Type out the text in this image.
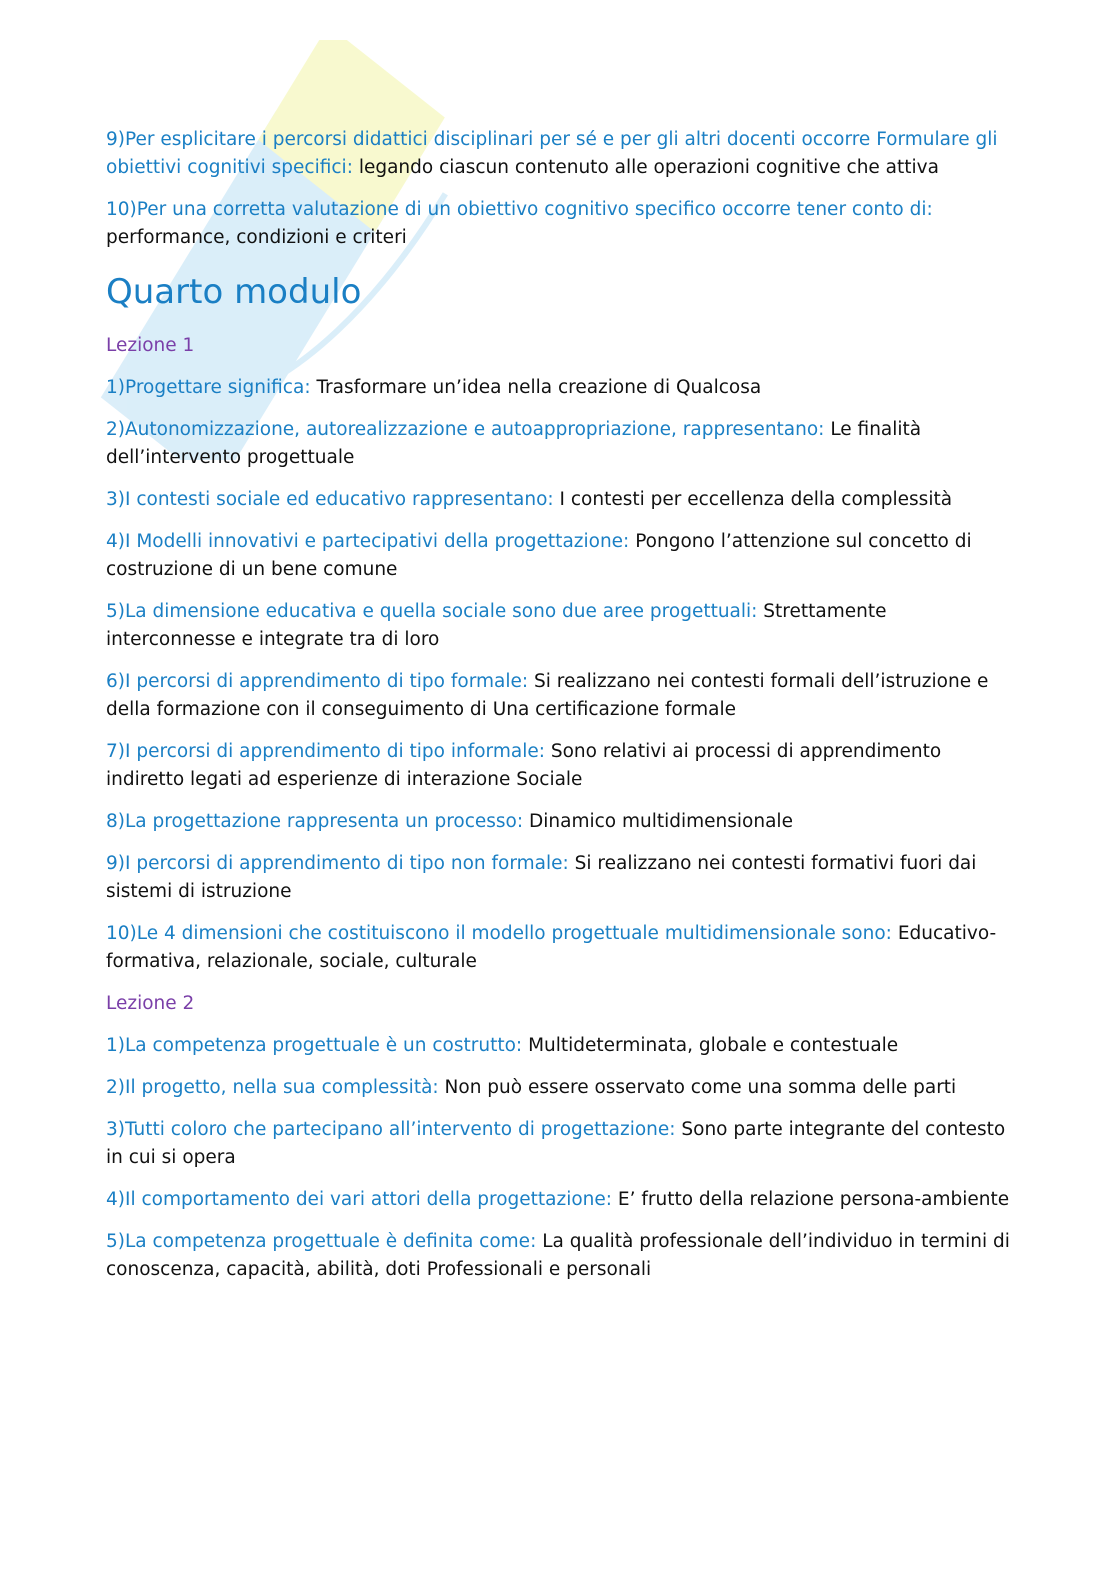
9)Per esplicitare i percorsi didattici disciplinari per sé e per gli altri docenti occorre Formulare gli obiettivi cognitivi specifici: legando ciascun contenuto alle operazioni cognitive che attiva

10)Per una corretta valutazione di un obiettivo cognitivo specifico occorre tener conto di: performance, condizioni e criteri

Quarto modulo
Lezione 1

1)Progettare significa: Trasformare un’idea nella creazione di Qualcosa

2)Autonomizzazione, autorealizzazione e autoappropriazione, rappresentano: Le finalità dell’intervento progettuale

3)I contesti sociale ed educativo rappresentano: I contesti per eccellenza della complessità

4)I Modelli innovativi e partecipativi della progettazione: Pongono l’attenzione sul concetto di costruzione di un bene comune

5)La dimensione educativa e quella sociale sono due aree progettuali: Strettamente interconnesse e integrate tra di loro

6)I percorsi di apprendimento di tipo formale: Si realizzano nei contesti formali dell’istruzione e della formazione con il conseguimento di Una certificazione formale

7)I percorsi di apprendimento di tipo informale: Sono relativi ai processi di apprendimento indiretto legati ad esperienze di interazione Sociale

8)La progettazione rappresenta un processo: Dinamico multidimensionale

9)I percorsi di apprendimento di tipo non formale: Si realizzano nei contesti formativi fuori dai sistemi di istruzione

10)Le 4 dimensioni che costituiscono il modello progettuale multidimensionale sono: Educativo-formativa, relazionale, sociale, culturale

Lezione 2

1)La competenza progettuale è un costrutto: Multideterminata, globale e contestuale

2)Il progetto, nella sua complessità: Non può essere osservato come una somma delle parti

3)Tutti coloro che partecipano all’intervento di progettazione: Sono parte integrante del contesto in cui si opera

4)Il comportamento dei vari attori della progettazione: E’ frutto della relazione persona-ambiente

5)La competenza progettuale è definita come: La qualità professionale dell’individuo in termini di conoscenza, capacità, abilità, doti Professionali e personali
